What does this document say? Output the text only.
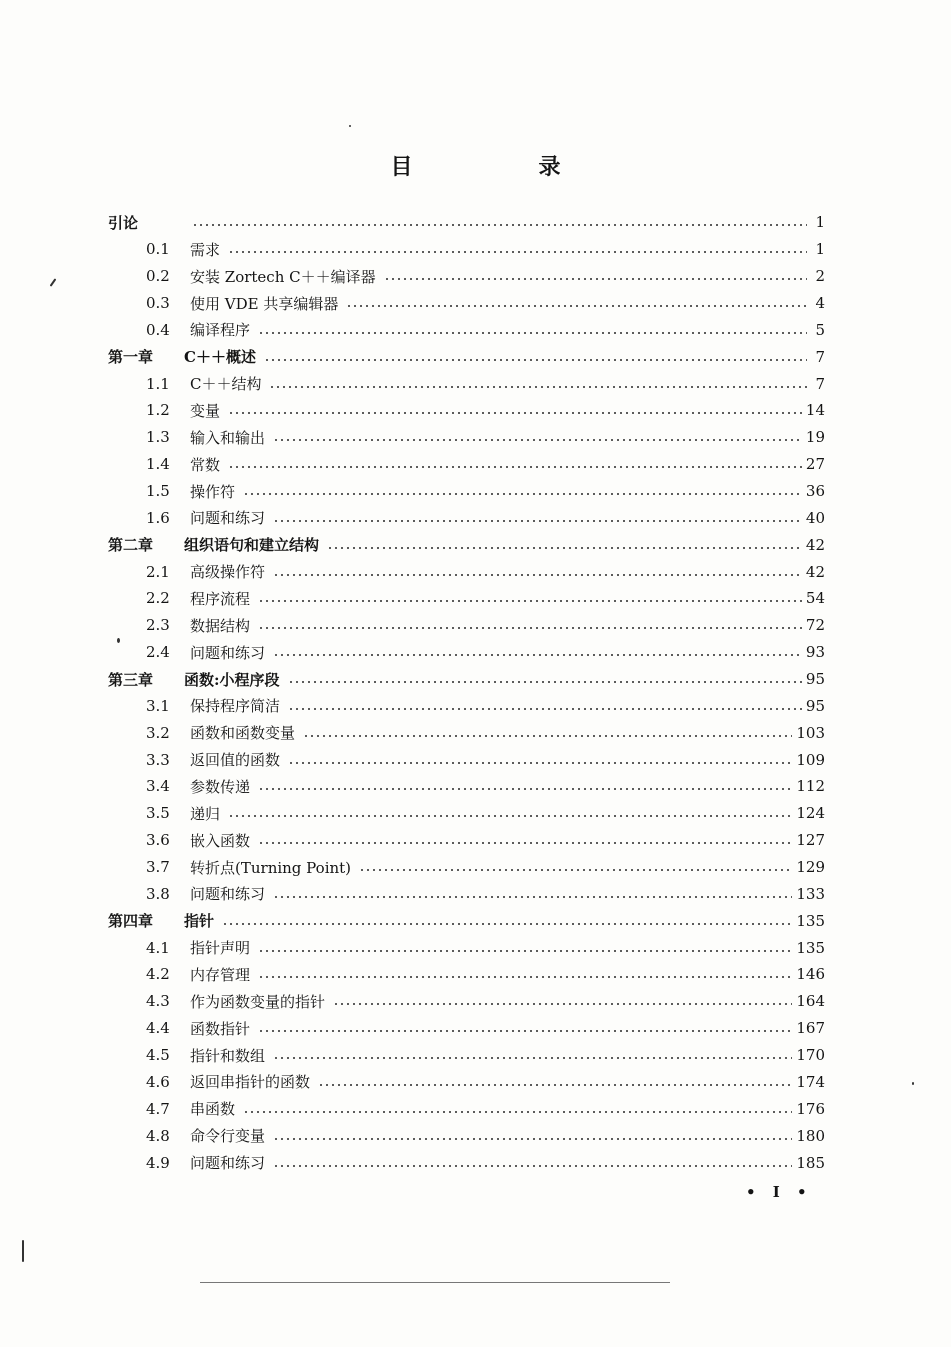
目　录
引论	1
0.1	需求	1
0.2	安装 Zortech C＋＋编译器	2
0.3	使用 VDE 共享编辑器	4
0.4	编译程序	5
第一章	C＋＋概述	7
1.1	C＋＋结构	7
1.2	变量	14
1.3	输入和输出	19
1.4	常数	27
1.5	操作符	36
1.6	问题和练习	40
第二章	组织语句和建立结构	42
2.1	高级操作符	42
2.2	程序流程	54
2.3	数据结构	72
2.4	问题和练习	93
第三章	函数:小程序段	95
3.1	保持程序简洁	95
3.2	函数和函数变量	103
3.3	返回值的函数	109
3.4	参数传递	112
3.5	递归	124
3.6	嵌入函数	127
3.7	转折点(Turning Point)	129
3.8	问题和练习	133
第四章	指针	135
4.1	指针声明	135
4.2	内存管理	146
4.3	作为函数变量的指针	164
4.4	函数指针	167
4.5	指针和数组	170
4.6	返回串指针的函数	174
4.7	串函数	176
4.8	命令行变量	180
4.9	问题和练习	185
• I •
